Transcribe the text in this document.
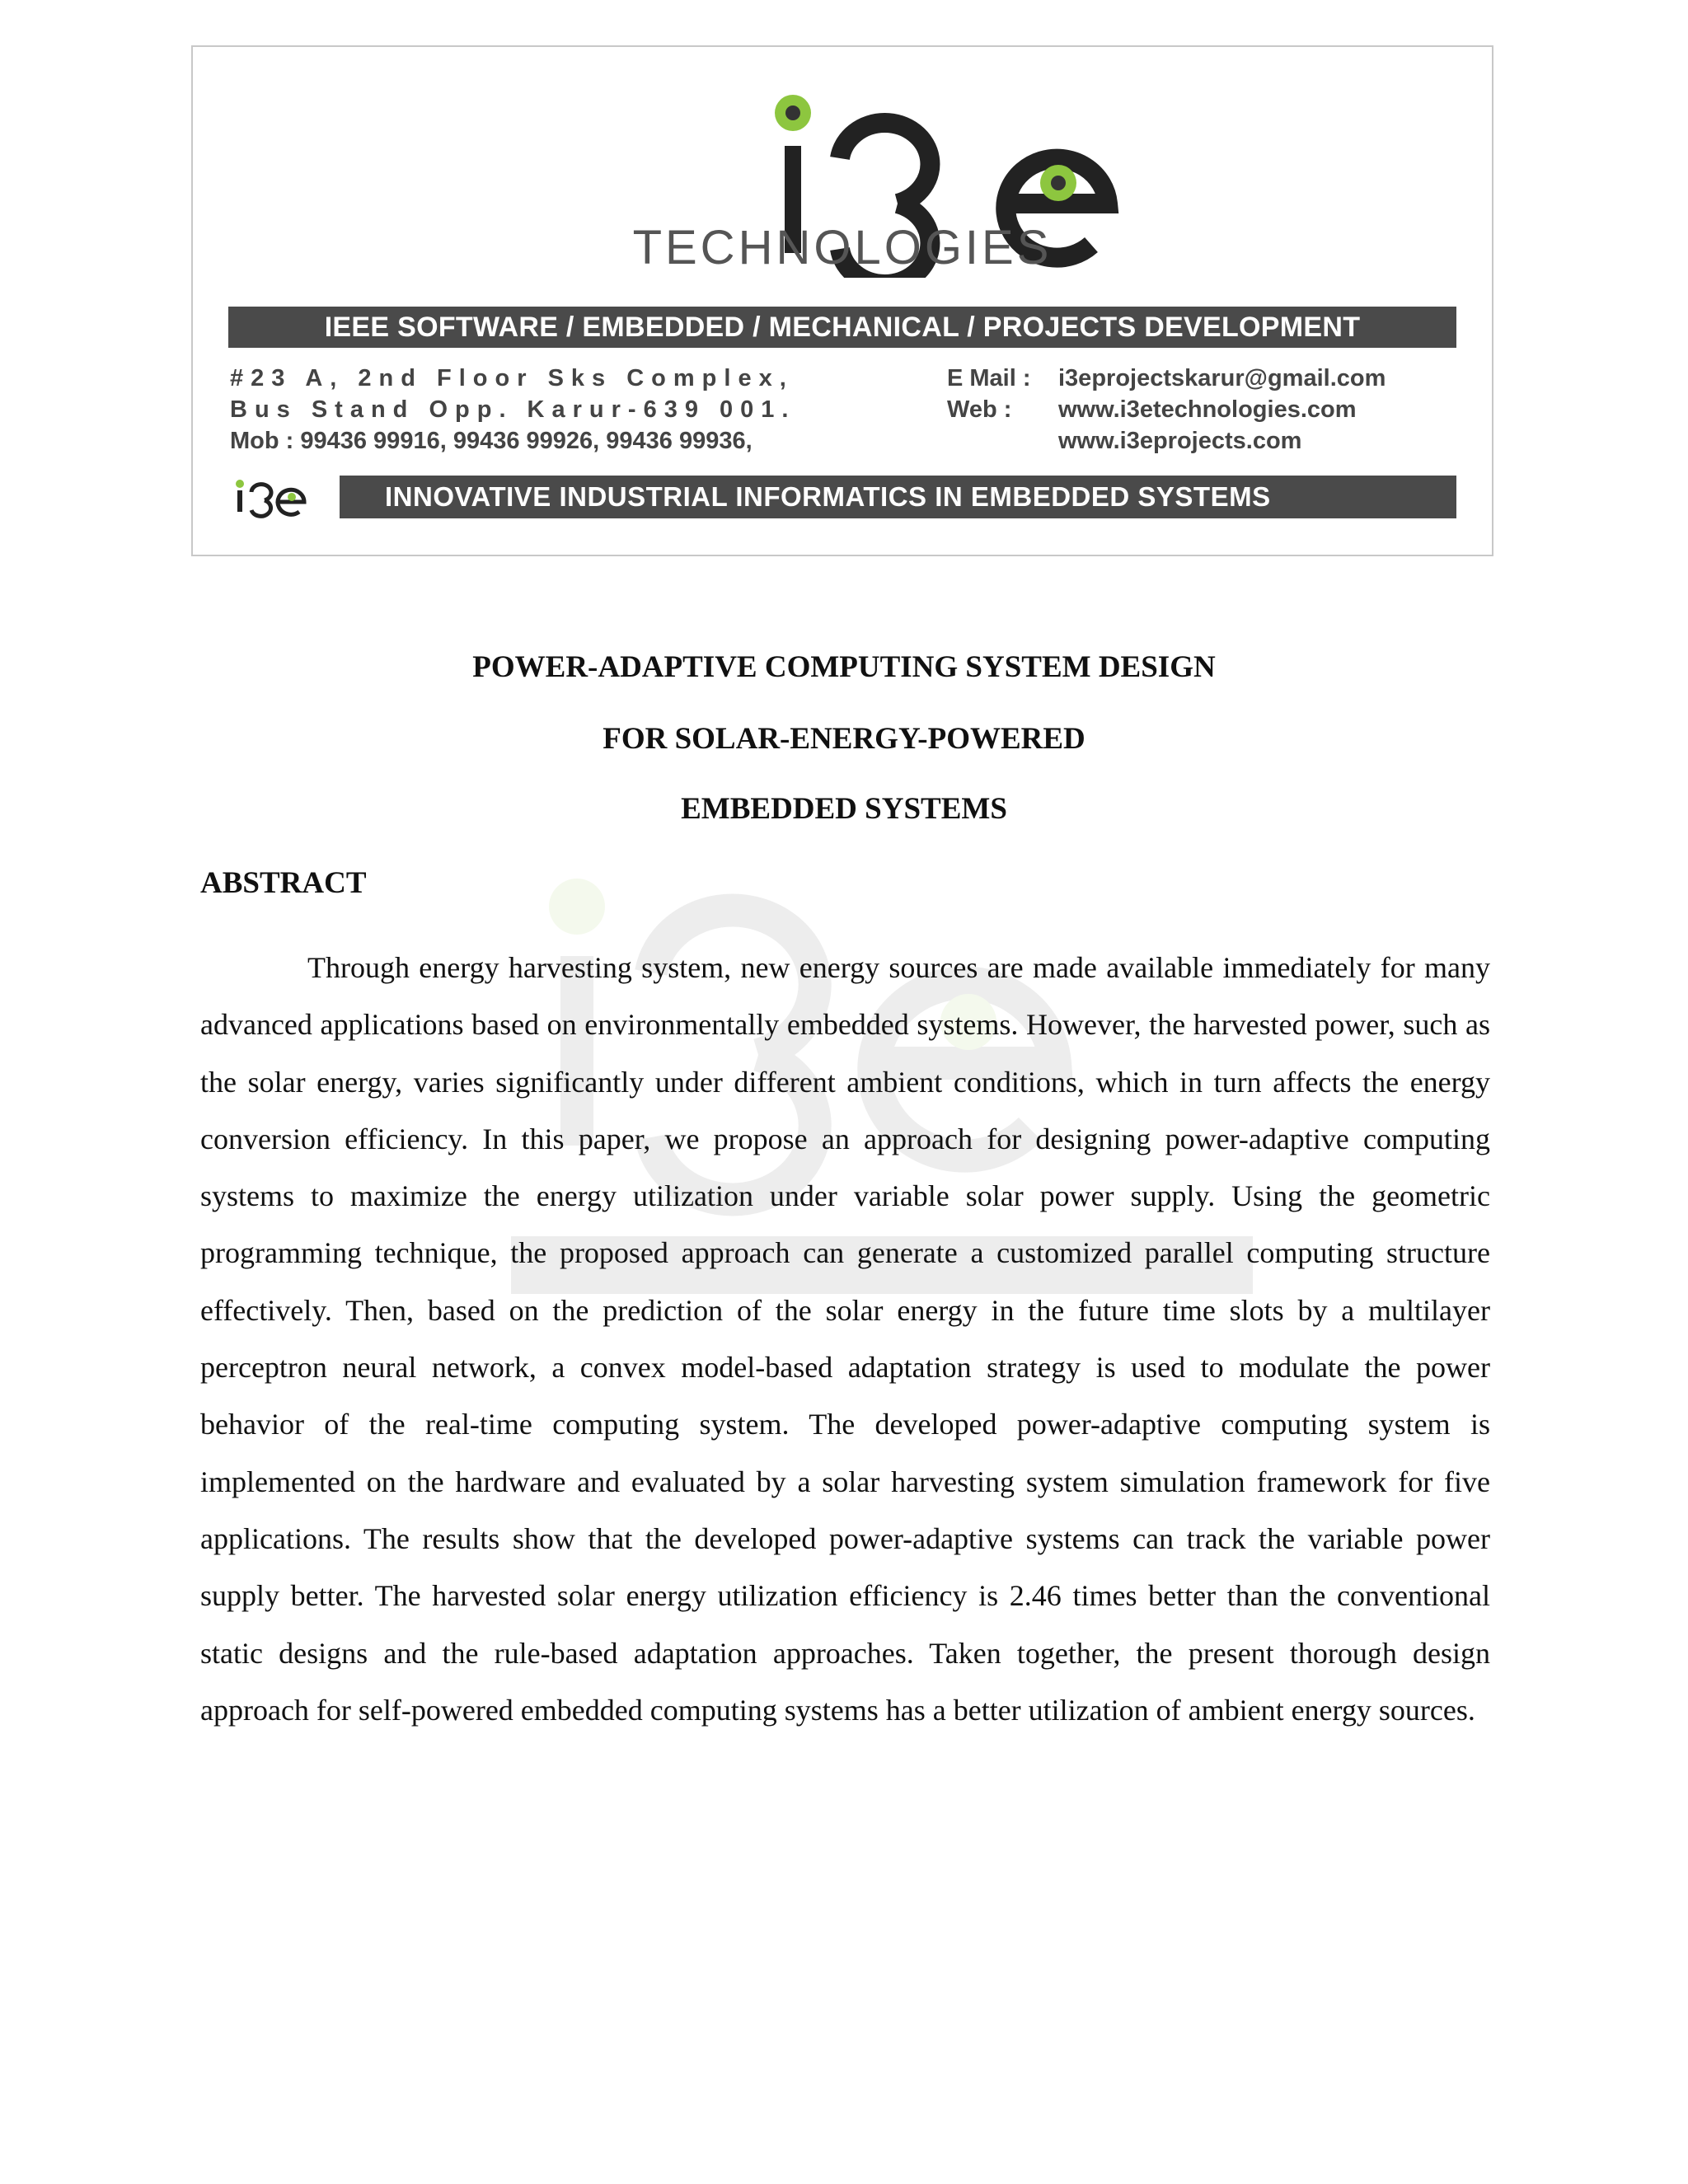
TECHNOLOGIES
IEEE SOFTWARE / EMBEDDED / MECHANICAL / PROJECTS DEVELOPMENT
#23 A, 2nd Floor Sks Complex,
Bus Stand Opp. Karur-639 001.
Mob : 99436 99916, 99436 99926, 99436 99936,
E Mail :	i3eprojectskarur@gmail.com
Web :	www.i3etechnologies.com
www.i3eprojects.com
INNOVATIVE INDUSTRIAL INFORMATICS IN EMBEDDED SYSTEMS
POWER-ADAPTIVE COMPUTING SYSTEM DESIGN
FOR SOLAR-ENERGY-POWERED
EMBEDDED SYSTEMS
ABSTRACT
Through energy harvesting system, new energy sources are made available immediately for many advanced applications based on environmentally embedded systems. However, the harvested power, such as the solar energy, varies significantly under different ambient conditions, which in turn affects the energy conversion efficiency. In this paper, we propose an approach for designing power-adaptive computing systems to maximize the energy utilization under variable solar power supply. Using the geometric programming technique, the proposed approach can generate a customized parallel computing structure effectively. Then, based on the prediction of the solar energy in the future time slots by a multilayer perceptron neural network, a convex model-based adaptation strategy is used to modulate the power behavior of the real-time computing system. The developed power-adaptive computing system is implemented on the hardware and evaluated by a solar harvesting system simulation framework for five applications. The results show that the developed power-adaptive systems can track the variable power supply better. The harvested solar energy utilization efficiency is 2.46 times better than the conventional static designs and the rule-based adaptation approaches. Taken together, the present thorough design approach for self-powered embedded computing systems has a better utilization of ambient energy sources.
